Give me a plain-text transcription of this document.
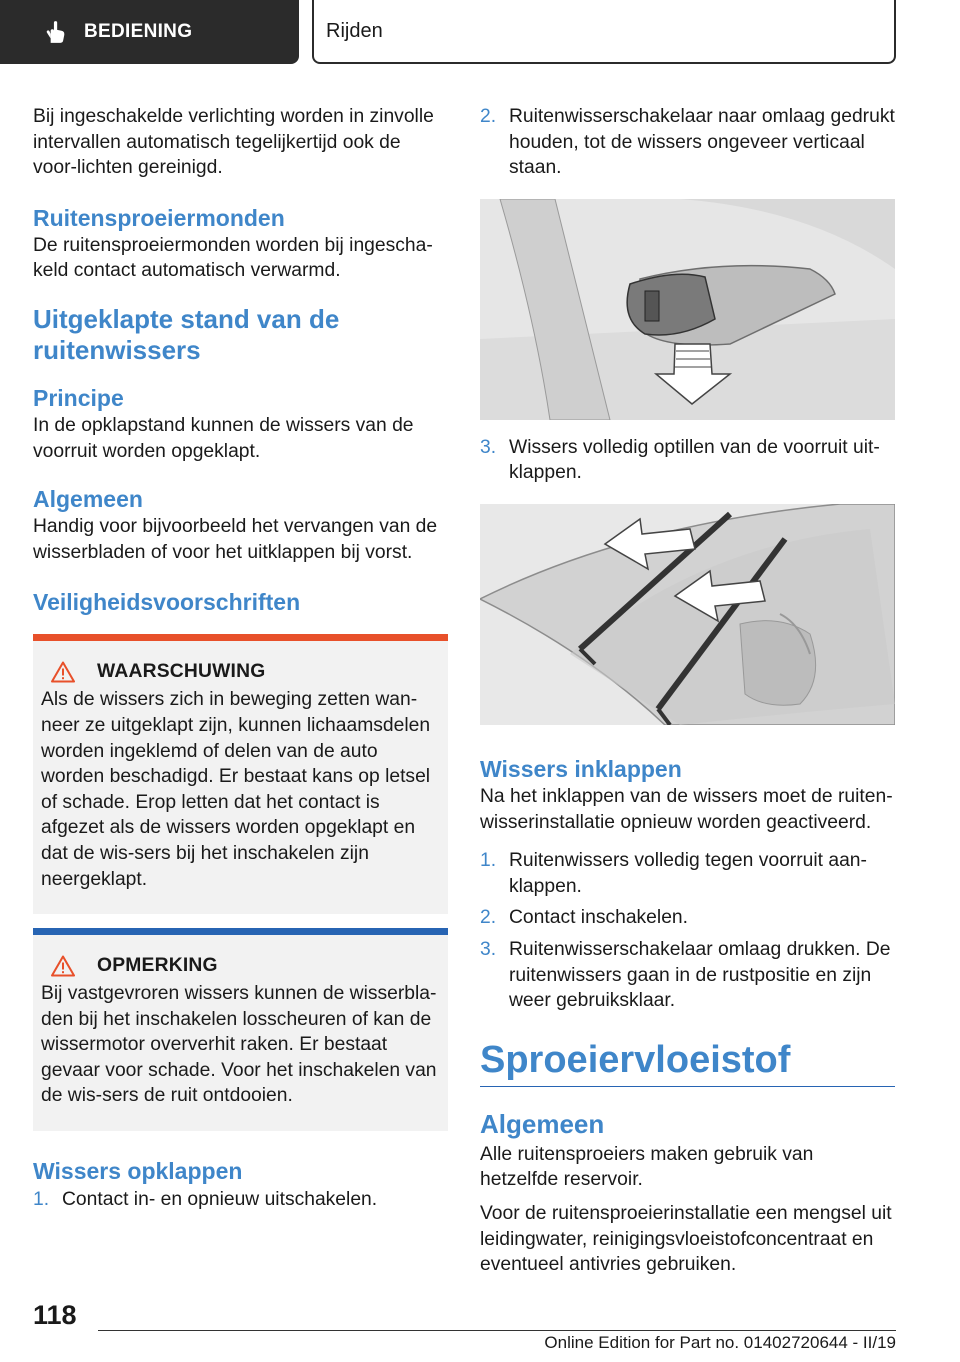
BEDIENING	Rijden

Bij ingeschakelde verlichting worden in zinvolle intervallen automatisch tegelijkertijd ook de voor-lichten gereinigd.

Ruitensproeiermonden

De ruitensproeiermonden worden bij ingescha-keld contact automatisch verwarmd.

Uitgeklapte stand van de ruitenwissers
Principe

In de opklapstand kunnen de wissers van de voorruit worden opgeklapt.

Algemeen

Handig voor bijvoorbeeld het vervangen van de wisserbladen of voor het uitklappen bij vorst.

Veiligheidsvoorschriften
WAARSCHUWING

Als de wissers zich in beweging zetten wan-neer ze uitgeklapt zijn, kunnen lichaamsdelen worden ingeklemd of delen van de auto worden beschadigd. Er bestaat kans op letsel of schade. Erop letten dat het contact is afgezet als de wissers worden opgeklapt en dat de wis-sers bij het inschakelen zijn neergeklapt.

OPMERKING

Bij vastgevroren wissers kunnen de wisserbla-den bij het inschakelen losscheuren of kan de wissermotor oververhit raken. Er bestaat gevaar voor schade. Voor het inschakelen van de wis-sers de ruit ontdooien.

Wissers opklappen
1. Contact in- en opnieuw uitschakelen.
2. Ruitenwisserschakelaar naar omlaag gedrukt houden, tot de wissers ongeveer verticaal staan.
3. Wissers volledig optillen van de voorruit uit-klappen.
Wissers inklappen

Na het inklappen van de wissers moet de ruiten-wisserinstallatie opnieuw worden geactiveerd.

1. Ruitenwissers volledig tegen voorruit aan-klappen.
2. Contact inschakelen.
3. Ruitenwisserschakelaar omlaag drukken. De ruitenwissers gaan in de rustpositie en zijn weer gebruiksklaar.
Sproeiervloeistof
Algemeen

Alle ruitensproeiers maken gebruik van hetzelfde reservoir.

Voor de ruitensproeierinstallatie een mengsel uit leidingwater, reinigingsvloeistofconcentraat en eventueel antivries gebruiken.

118
Online Edition for Part no. 01402720644 - II/19
